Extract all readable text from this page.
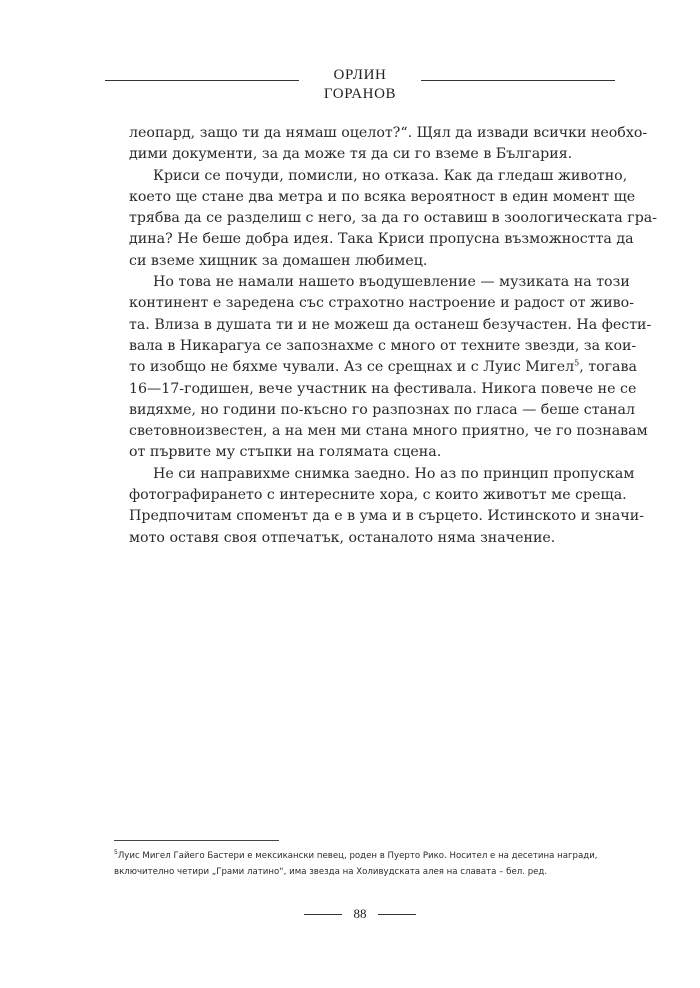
ОРЛИН
ГОРАНОВ
леопард, защо ти да нямаш оцелот?“. Щял да извади всички необхо-
дими документи, за да може тя да си го вземе в България.
Криси се почуди, помисли, но отказа. Как да гледаш животно,
което ще стане два метра и по всяка вероятност в един момент ще
трябва да се разделиш с него, за да го оставиш в зоологическата гра-
дина? Не беше добра идея. Така Криси пропусна възможността да
си вземе хищник за домашен любимец.
Но това не намали нашето въодушевление — музиката на този
континент е заредена със страхотно настроение и радост от живо-
та. Влиза в душата ти и не можеш да останеш безучастен. На фести-
вала в Никарагуа се запознахме с много от техните звезди, за кои-
то изобщо не бяхме чували. Аз се срещнах и с Луис Мигел$^5$, тогава
16—17-годишен, вече участник на фестивала. Никога повече не се
видяхме, но години по-късно го разпознах по гласа — беше станал
световноизвестен, а на мен ми стана много приятно, че го познавам
от първите му стъпки на голямата сцена.
Не си направихме снимка заедно. Но аз по принцип пропускам
фотографирането с интересните хора, с които животът ме среща.
Предпочитам споменът да е в ума и в сърцето. Истинското и значи-
мото оставя своя отпечатък, останалото няма значение.
$^5$Луис Мигел Гайего Бастери е мексикански певец, роден в Пуерто Рико. Носител е на десетина награди,
включително четири „Грами латино“, има звезда на Холивудската алея на славата – бел. ред.
88
